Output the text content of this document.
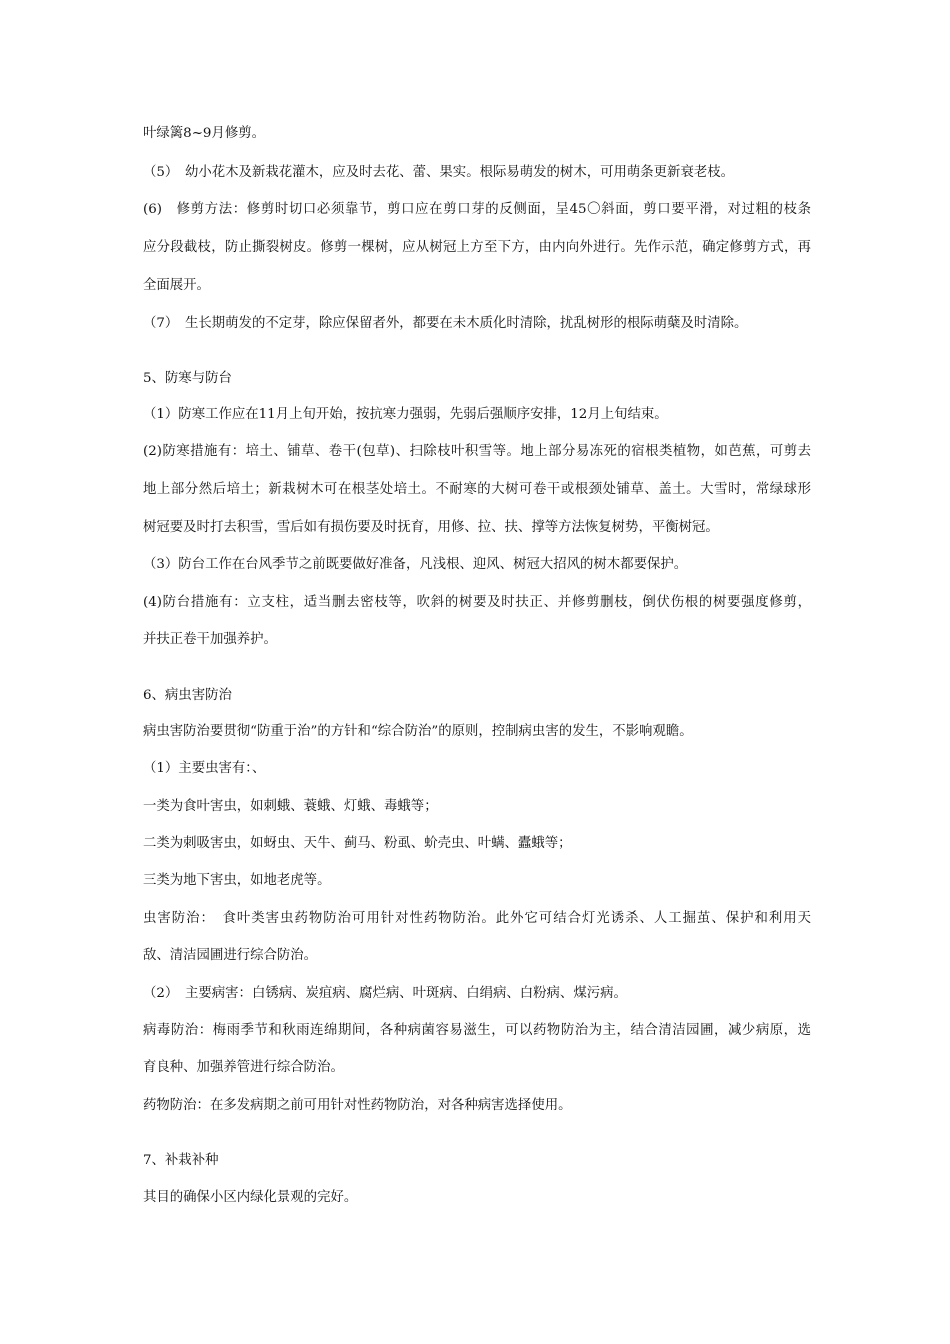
叶绿篱8~9月修剪。
（5）　幼小花木及新栽花灌木，应及时去花、蕾、果实。根际易萌发的树木，可用萌条更新衰老枝。
(6)　修剪方法：修剪时切口必须靠节，剪口应在剪口芽的反侧面，呈45〇斜面，剪口要平滑，对过粗的枝条
应分段截枝，防止撕裂树皮。修剪一棵树，应从树冠上方至下方，由内向外进行。先作示范，确定修剪方式，再
全面展开。
（7）　生长期萌发的不定芽，除应保留者外，都要在未木质化时清除，扰乱树形的根际萌蘖及时清除。
5、防寒与防台
（1）防寒工作应在11月上旬开始，按抗寒力强弱，先弱后强顺序安排，12月上旬结束。
(2)防寒措施有：培土、铺草、卷干(包草)、扫除枝叶积雪等。地上部分易冻死的宿根类植物，如芭蕉，可剪去
地上部分然后培土；新栽树木可在根茎处培土。不耐寒的大树可卷干或根颈处铺草、盖土。大雪时，常绿球形
树冠要及时打去积雪，雪后如有损伤要及时抚育，用修、拉、扶、撑等方法恢复树势，平衡树冠。
（3）防台工作在台风季节之前既要做好准备，凡浅根、迎风、树冠大招风的树木都要保护。
(4)防台措施有：立支柱，适当删去密枝等，吹斜的树要及时扶正、并修剪删枝，倒伏伤根的树要强度修剪，
并扶正卷干加强养护。
6、病虫害防治
病虫害防治要贯彻“防重于治”的方针和“综合防治”的原则，控制病虫害的发生，不影响观瞻。
（1）主要虫害有：、
一类为食叶害虫，如刺蛾、蓑蛾、灯蛾、毒蛾等；
二类为刺吸害虫，如蚜虫、天牛、蓟马、粉虱、蚧壳虫、叶螨、蠹蛾等；
三类为地下害虫，如地老虎等。
虫害防治：　食叶类害虫药物防治可用针对性药物防治。此外它可结合灯光诱杀、人工掘茧、保护和利用天
敌、清洁园圃进行综合防治。
（2）　主要病害：白锈病、炭疽病、腐烂病、叶斑病、白绢病、白粉病、煤污病。
病毒防治：梅雨季节和秋雨连绵期间，各种病菌容易滋生，可以药物防治为主，结合清洁园圃，减少病原，选
育良种、加强养管进行综合防治。
药物防治：在多发病期之前可用针对性药物防治，对各种病害选择使用。
7、补栽补种
其目的确保小区内绿化景观的完好。
